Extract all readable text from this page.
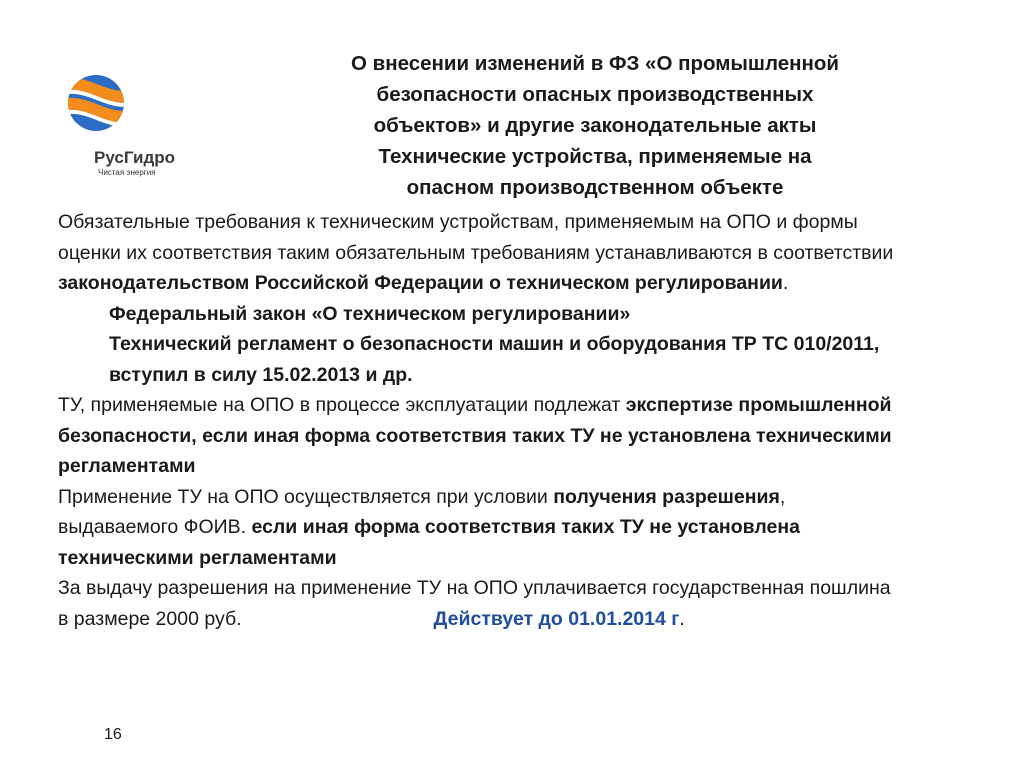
РусГидро
Чистая энергия
О внесении изменений в ФЗ «О промышленной
безопасности опасных производственных
объектов» и другие законодательные акты
Технические устройства, применяемые на
опасном производственном объекте
Обязательные требования к техническим устройствам, применяемым на ОПО и формы
оценки их соответствия таким обязательным требованиям устанавливаются в соответствии
законодательством Российской Федерации о техническом регулировании.
Федеральный закон «О техническом регулировании»
Технический регламент о безопасности машин и оборудования ТР ТС 010/2011,
вступил в силу 15.02.2013 и др.
ТУ, применяемые на ОПО в процессе эксплуатации подлежат экспертизе промышленной
безопасности, если иная форма соответствия таких ТУ не установлена техническими
регламентами
Применение ТУ на ОПО осуществляется при условии получения разрешения,
выдаваемого ФОИВ. если иная форма соответствия таких ТУ не установлена
техническими регламентами
За выдачу разрешения на применение ТУ на ОПО уплачивается государственная пошлина
в размере 2000 руб.	Действует до 01.01.2014 г.
16
